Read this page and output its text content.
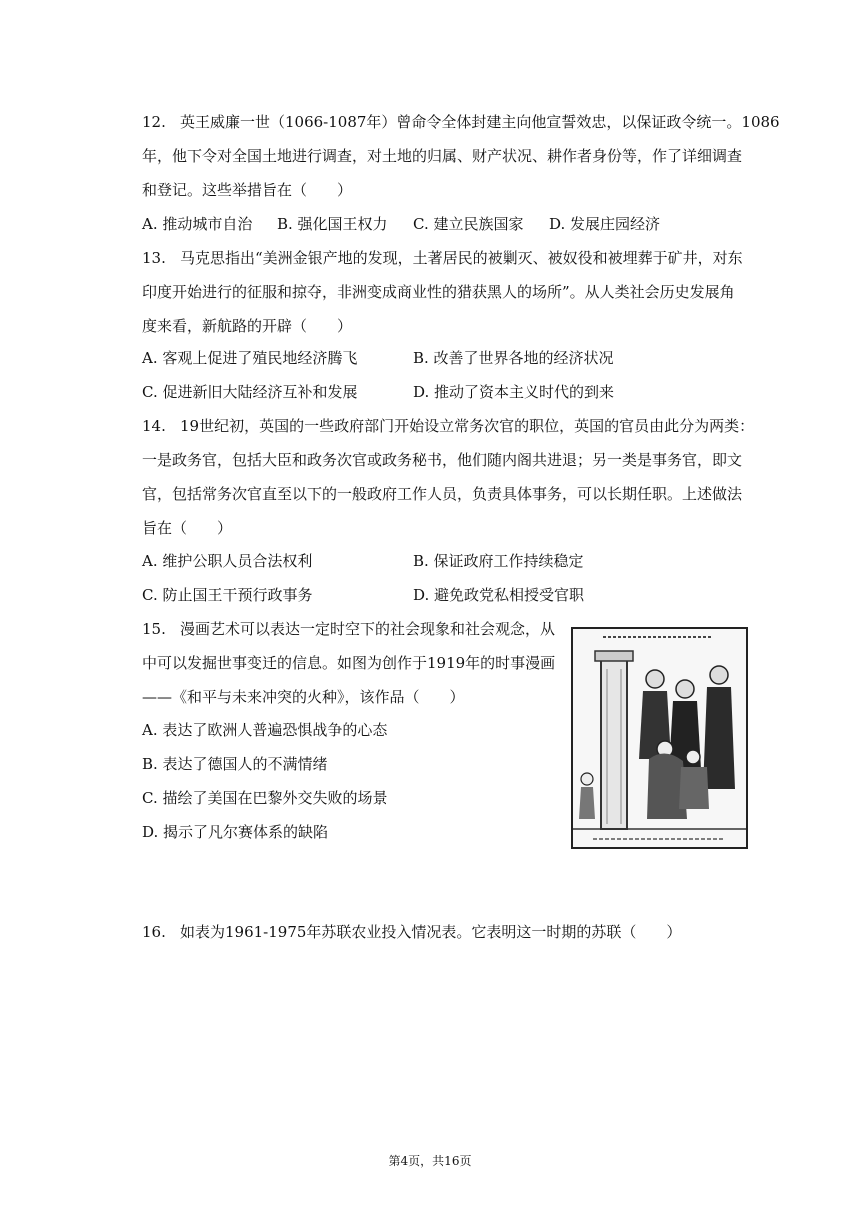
12. 英王威廉一世（1066-1087年）曾命令全体封建主向他宣誓效忠，以保证政令统一。1086
年，他下令对全国土地进行调查，对土地的归属、财产状况、耕作者身份等，作了详细调查
和登记。这些举措旨在（　　）
A. 推动城市自治 B. 强化国王权力 C. 建立民族国家 D. 发展庄园经济
13. 马克思指出“美洲金银产地的发现，土著居民的被剿灭、被奴役和被埋葬于矿井，对东
印度开始进行的征服和掠夺，非洲变成商业性的猎获黑人的场所”。从人类社会历史发展角
度来看，新航路的开辟（　　）
A. 客观上促进了殖民地经济腾飞	B. 改善了世界各地的经济状况
C. 促进新旧大陆经济互补和发展	D. 推动了资本主义时代的到来
14. 19世纪初，英国的一些政府部门开始设立常务次官的职位，英国的官员由此分为两类：
一是政务官，包括大臣和政务次官或政务秘书，他们随内阁共进退；另一类是事务官，即文
官，包括常务次官直至以下的一般政府工作人员，负责具体事务，可以长期任职。上述做法
旨在（　　）
A. 维护公职人员合法权利	B. 保证政府工作持续稳定
C. 防止国王干预行政事务	D. 避免政党私相授受官职
15. 漫画艺术可以表达一定时空下的社会现象和社会观念，从
中可以发掘世事变迁的信息。如图为创作于1919年的时事漫画
——《和平与未来冲突的火种》，该作品（　　）
A. 表达了欧洲人普遍恐惧战争的心态
B. 表达了德国人的不满情绪
C. 描绘了美国在巴黎外交失败的场景
D. 揭示了凡尔赛体系的缺陷
16. 如表为1961-1975年苏联农业投入情况表。它表明这一时期的苏联（　　）
第4页，共16页
